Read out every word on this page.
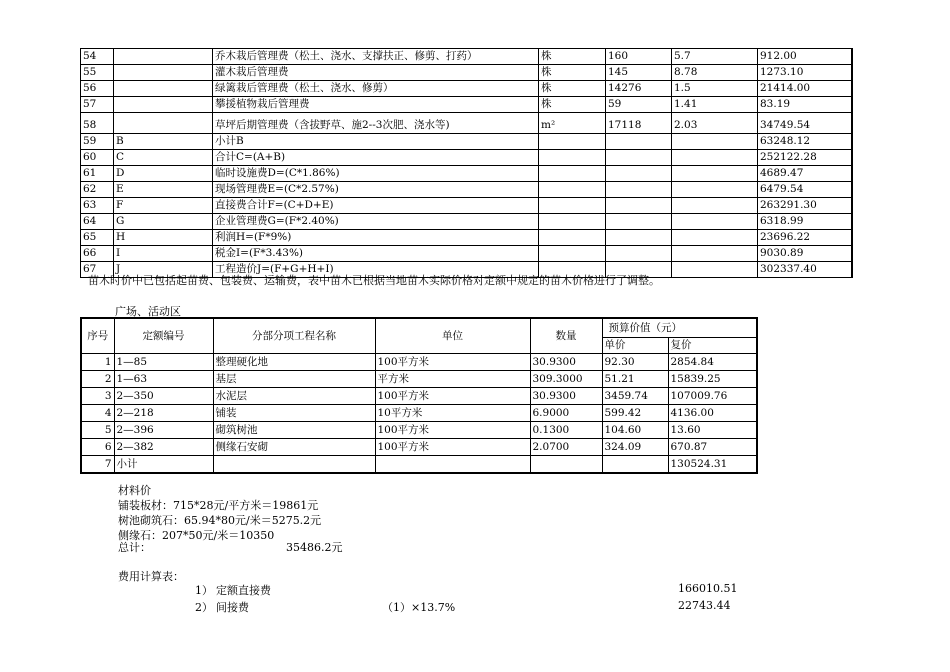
54		乔木栽后管理费（松土、浇水、支撑扶正、修剪、打药）	株	160	5.7	912.00
55		灌木栽后管理费	株	145	8.78	1273.10
56		绿篱栽后管理费（松土、浇水、修剪）	株	14276	1.5	21414.00
57		攀援植物栽后管理费	株	59	1.41	83.19
58		草坪后期管理费（含拔野草、施2--3次肥、浇水等)	m²	17118	2.03	34749.54
59	B	小计B				63248.12
60	C	合计C=(A+B)				252122.28
61	D	临时设施费D=(C*1.86%)				4689.47
62	E	现场管理费E=(C*2.57%)				6479.54
63	F	直接费合计F=(C+D+E)				263291.30
64	G	企业管理费G=(F*2.40%)				6318.99
65	H	利润H=(F*9%)				23696.22
66	I	税金I=(F*3.43%)				9030.89
67	J	工程造价J=(F+G+H+I)				302337.40
苗木时价中已包括起苗费、包装费、运输费，表中苗木已根据当地苗木实际价格对定额中规定的苗木价格进行了调整。
广场、活动区
序号	定额编号	分部分项工程名称	单位	数量	预算价值（元）	
					单价	复价
1	1—85	整理硬化地	100平方米	30.9300	92.30	2854.84
2	1—63	基层	平方米	309.3000	51.21	15839.25
3	2—350	水泥层	100平方米	30.9300	3459.74	107009.76
4	2—218	铺装	10平方米	6.9000	599.42	4136.00
5	2—396	砌筑树池	100平方米	0.1300	104.60	13.60
6	2—382	侧缘石安砌	100平方米	2.0700	324.09	670.87
7	小计					130524.31
材料价
铺装板材：715*28元/平方米＝19861元
树池砌筑石：65.94*80元/米＝5275.2元
侧缘石：207*50元/米＝10350
总计：	35486.2元
费用计算表：
1） 定额直接费	166010.51
2） 间接费	（1）×13.7%	22743.44
